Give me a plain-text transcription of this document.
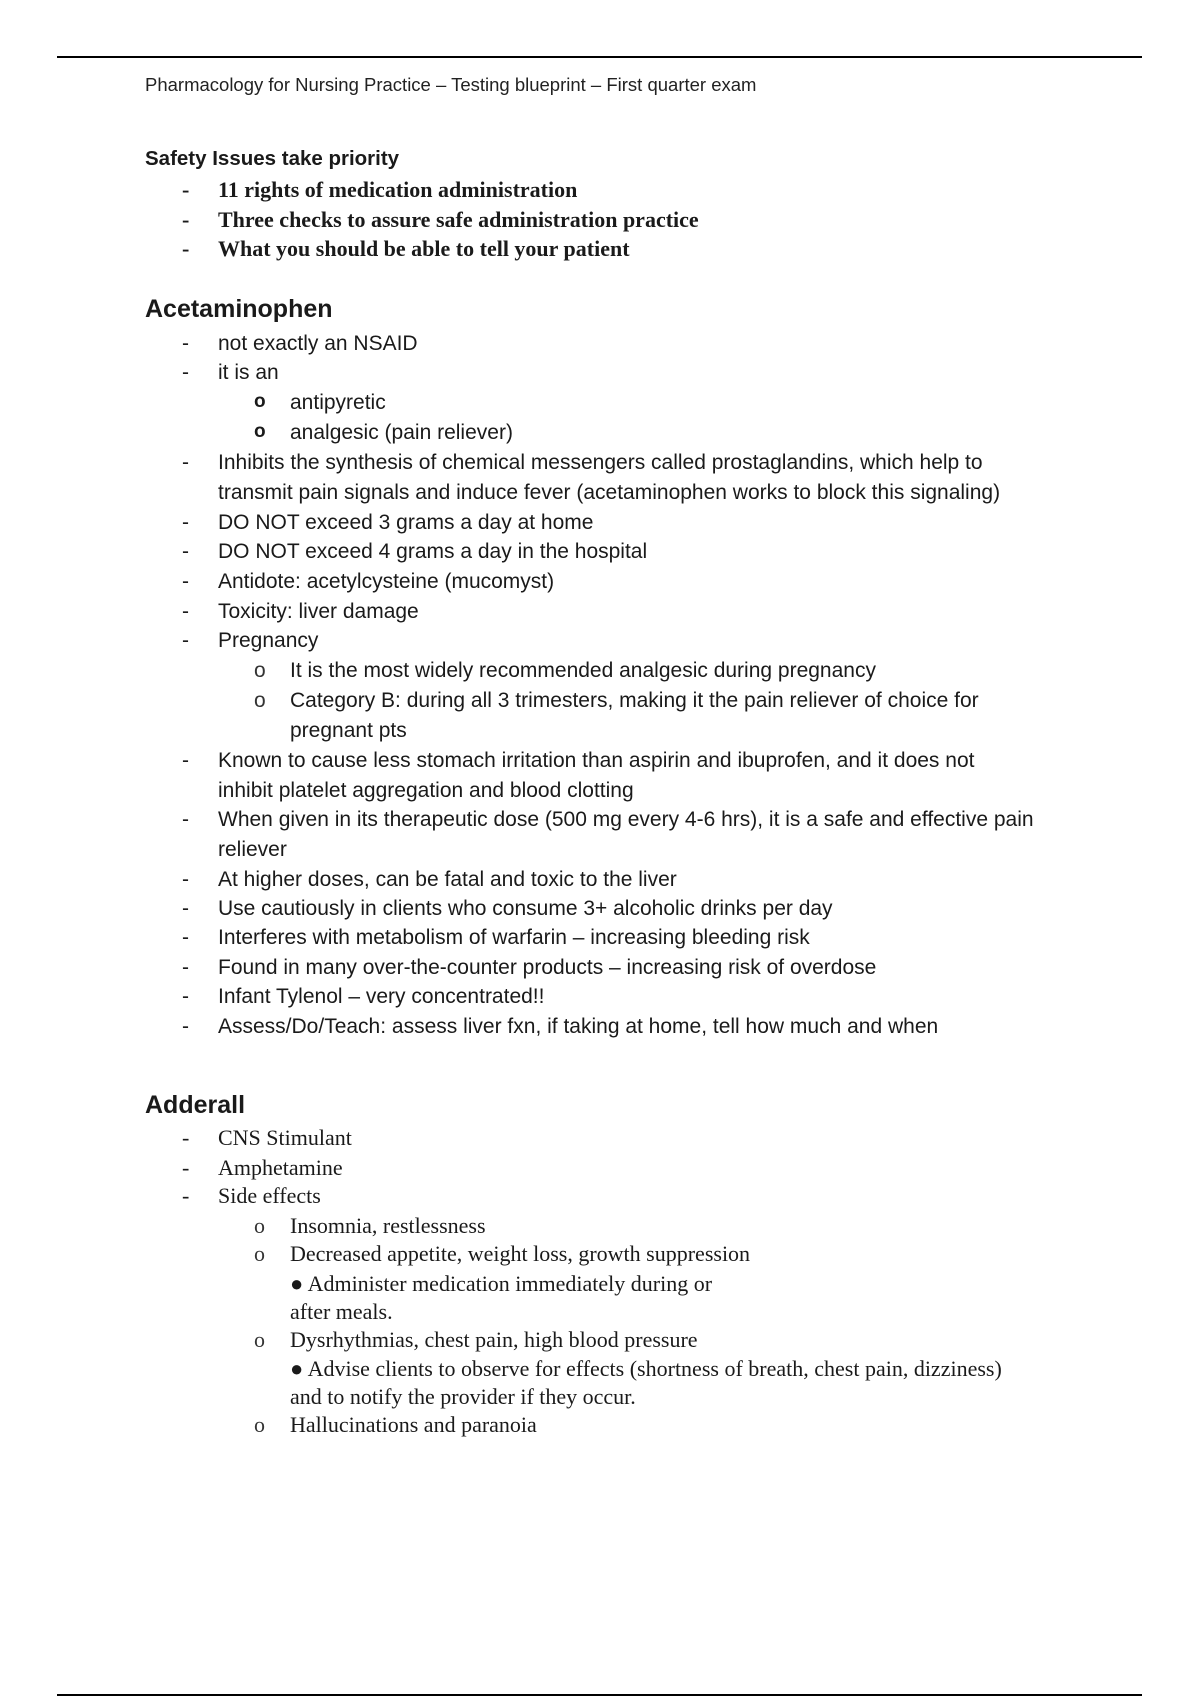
Pharmacology for Nursing Practice – Testing blueprint – First quarter exam
Safety Issues take priority
- 11 rights of medication administration
- Three checks to assure safe administration practice
- What you should be able to tell your patient
Acetaminophen
- not exactly an NSAID
- it is an
o antipyretic
o analgesic (pain reliever)
- Inhibits the synthesis of chemical messengers called prostaglandins, which help to
transmit pain signals and induce fever (acetaminophen works to block this signaling)
- DO NOT exceed 3 grams a day at home
- DO NOT exceed 4 grams a day in the hospital
- Antidote: acetylcysteine (mucomyst)
- Toxicity: liver damage
- Pregnancy
o It is the most widely recommended analgesic during pregnancy
o Category B: during all 3 trimesters, making it the pain reliever of choice for
pregnant pts
- Known to cause less stomach irritation than aspirin and ibuprofen, and it does not
inhibit platelet aggregation and blood clotting
- When given in its therapeutic dose (500 mg every 4-6 hrs), it is a safe and effective pain
reliever
- At higher doses, can be fatal and toxic to the liver
- Use cautiously in clients who consume 3+ alcoholic drinks per day
- Interferes with metabolism of warfarin – increasing bleeding risk
- Found in many over-the-counter products – increasing risk of overdose
- Infant Tylenol – very concentrated!!
- Assess/Do/Teach: assess liver fxn, if taking at home, tell how much and when
Adderall
- CNS Stimulant
- Amphetamine
- Side effects
o Insomnia, restlessness
o Decreased appetite, weight loss, growth suppression
● Administer medication immediately during or
after meals.
o Dysrhythmias, chest pain, high blood pressure
● Advise clients to observe for effects (shortness of breath, chest pain, dizziness)
and to notify the provider if they occur.
o Hallucinations and paranoia
